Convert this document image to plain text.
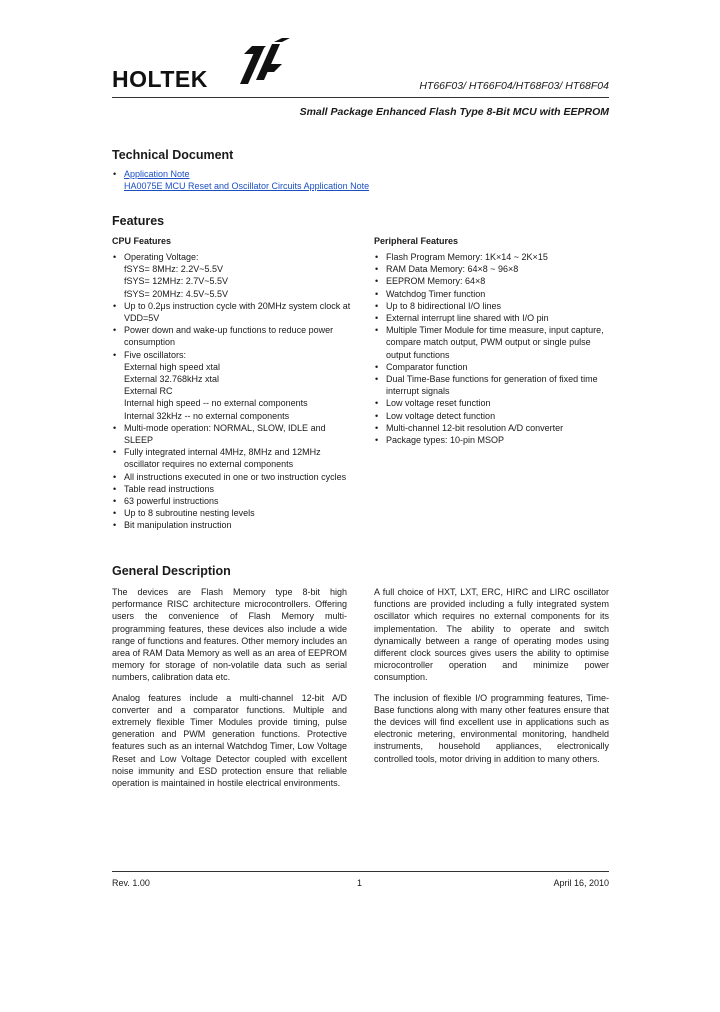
HOLTEK	HT66F03/ HT66F04/HT68F03/ HT68F04
Small Package Enhanced Flash Type 8-Bit MCU with EEPROM
Technical Document
• Application Note
HA0075E MCU Reset and Oscillator Circuits Application Note
Features
CPU Features	Peripheral Features
• Operating Voltage:
fSYS= 8MHz: 2.2V~5.5V
fSYS= 12MHz: 2.7V~5.5V
fSYS= 20MHz: 4.5V~5.5V
• Up to 0.2μs instruction cycle with 20MHz system clock at VDD=5V
• Power down and wake-up functions to reduce power consumption
• Five oscillators:
External high speed xtal
External 32.768kHz xtal
External RC
Internal high speed -- no external components
Internal 32kHz -- no external components
• Multi-mode operation: NORMAL, SLOW, IDLE and SLEEP
• Fully integrated internal 4MHz, 8MHz and 12MHz oscillator requires no external components
• All instructions executed in one or two instruction cycles
• Table read instructions
• 63 powerful instructions
• Up to 8 subroutine nesting levels
• Bit manipulation instruction
• Flash Program Memory: 1K×14 ~ 2K×15
• RAM Data Memory: 64×8 ~ 96×8
• EEPROM Memory: 64×8
• Watchdog Timer function
• Up to 8 bidirectional I/O lines
• External interrupt line shared with I/O pin
• Multiple Timer Module for time measure, input capture, compare match output, PWM output or single pulse output functions
• Comparator function
• Dual Time-Base functions for generation of fixed time interrupt signals
• Low voltage reset function
• Low voltage detect function
• Multi-channel 12-bit resolution A/D converter
• Package types: 10-pin MSOP
General Description

The devices are Flash Memory type 8-bit high performance RISC architecture microcontrollers. Offering users the convenience of Flash Memory multi-programming features, these devices also include a wide range of functions and features. Other memory includes an area of RAM Data Memory as well as an area of EEPROM memory for storage of non-volatile data such as serial numbers, calibration data etc.

Analog features include a multi-channel 12-bit A/D converter and a comparator functions. Multiple and extremely flexible Timer Modules provide timing, pulse generation and PWM generation functions. Protective features such as an internal Watchdog Timer, Low Voltage Reset and Low Voltage Detector coupled with excellent noise immunity and ESD protection ensure that reliable operation is maintained in hostile electrical environments.

A full choice of HXT, LXT, ERC, HIRC and LIRC oscillator functions are provided including a fully integrated system oscillator which requires no external components for its implementation. The ability to operate and switch dynamically between a range of operating modes using different clock sources gives users the ability to optimise microcontroller operation and minimize power consumption.

The inclusion of flexible I/O programming features, Time-Base functions along with many other features ensure that the devices will find excellent use in applications such as electronic metering, environmental monitoring, handheld instruments, household appliances, electronically controlled tools, motor driving in addition to many others.

Rev. 1.00	1	April 16, 2010
